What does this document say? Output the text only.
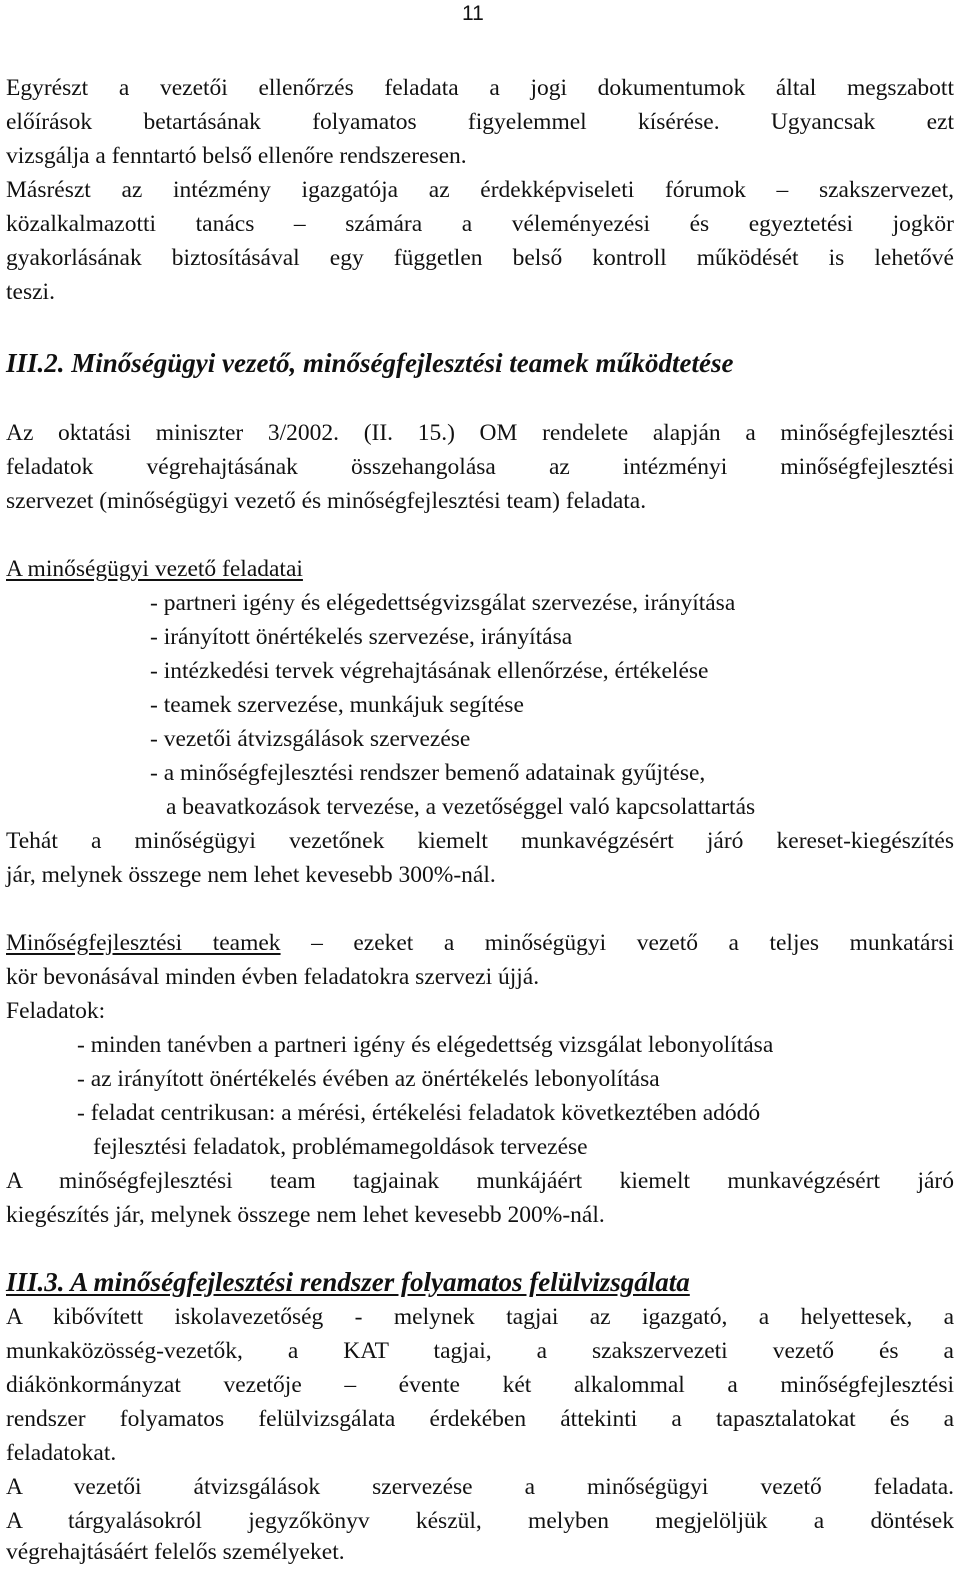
11
Egyrészt a vezetői ellenőrzés feladata a jogi dokumentumok által megszabott
előírások betartásának folyamatos figyelemmel kísérése. Ugyancsak ezt
vizsgálja a fenntartó belső ellenőre rendszeresen.
Másrészt az intézmény igazgatója az érdekképviseleti fórumok – szakszervezet,
közalkalmazotti tanács – számára a véleményezési és egyeztetési jogkör
gyakorlásának biztosításával egy független belső kontroll működését is lehetővé
teszi.
III.2. Minőségügyi vezető, minőségfejlesztési teamek működtetése
Az oktatási miniszter 3/2002. (II. 15.) OM rendelete alapján a minőségfejlesztési
feladatok végrehajtásának összehangolása az intézményi minőségfejlesztési
szervezet (minőségügyi vezető és minőségfejlesztési team) feladata.
A minőségügyi vezető feladatai
- partneri igény és elégedettségvizsgálat szervezése, irányítása
- irányított önértékelés szervezése, irányítása
- intézkedési tervek végrehajtásának ellenőrzése, értékelése
- teamek szervezése, munkájuk segítése
- vezetői átvizsgálások szervezése
- a minőségfejlesztési rendszer bemenő adatainak gyűjtése,
a beavatkozások tervezése, a vezetőséggel való kapcsolattartás
Tehát a minőségügyi vezetőnek kiemelt munkavégzésért járó kereset-kiegészítés
jár, melynek összege nem lehet kevesebb 300%-nál.
Minőségfejlesztési teamek – ezeket a minőségügyi vezető a teljes munkatársi
kör bevonásával minden évben feladatokra szervezi újjá.
Feladatok:
- minden tanévben a partneri igény és elégedettség vizsgálat lebonyolítása
- az irányított önértékelés évében az önértékelés lebonyolítása
- feladat centrikusan: a mérési, értékelési feladatok következtében adódó
fejlesztési feladatok, problémamegoldások tervezése
A minőségfejlesztési team tagjainak munkájáért kiemelt munkavégzésért járó
kiegészítés jár, melynek összege nem lehet kevesebb 200%-nál.
III.3. A minőségfejlesztési rendszer folyamatos felülvizsgálata
A kibővített iskolavezetőség - melynek tagjai az igazgató, a helyettesek, a
munkaközösség-vezetők, a KAT tagjai, a szakszervezeti vezető és a
diákönkormányzat vezetője – évente két alkalommal a minőségfejlesztési
rendszer folyamatos felülvizsgálata érdekében áttekinti a tapasztalatokat és a
feladatokat.
A vezetői átvizsgálások szervezése a minőségügyi vezető feladata.
A tárgyalásokról jegyzőkönyv készül, melyben megjelöljük a döntések
végrehajtásáért felelős személyeket.
